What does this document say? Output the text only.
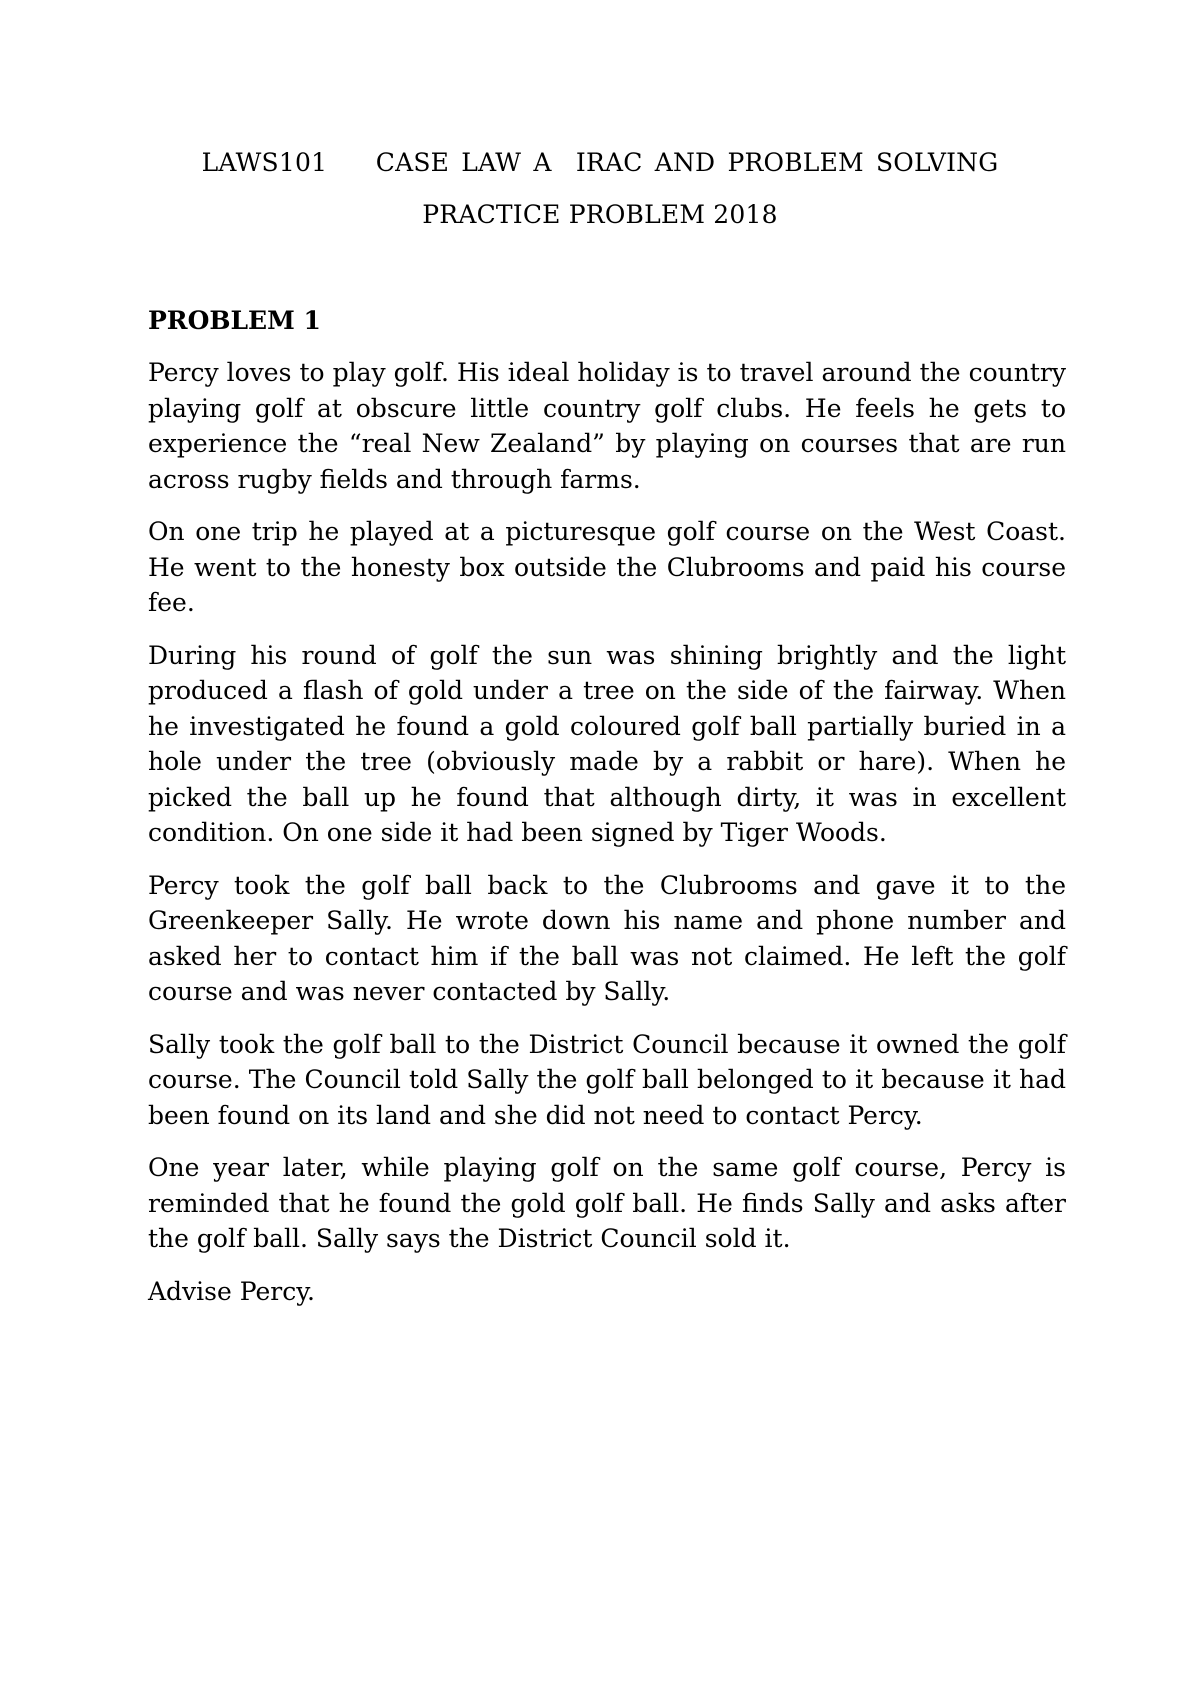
LAWS101    CASE LAW A  IRAC AND PROBLEM SOLVING
PRACTICE PROBLEM 2018
PROBLEM 1

Percy loves to play golf. His ideal holiday is to travel around the country playing golf at obscure little country golf clubs. He feels he gets to experience the “real New Zealand” by playing on courses that are run across rugby fields and through farms.

On one trip he played at a picturesque golf course on the West Coast. He went to the honesty box outside the Clubrooms and paid his course fee.

During his round of golf the sun was shining brightly and the light produced a flash of gold under a tree on the side of the fairway. When he investigated he found a gold coloured golf ball partially buried in a hole under the tree (obviously made by a rabbit or hare). When he picked the ball up he found that although dirty, it was in excellent condition. On one side it had been signed by Tiger Woods.

Percy took the golf ball back to the Clubrooms and gave it to the Greenkeeper Sally. He wrote down his name and phone number and asked her to contact him if the ball was not claimed. He left the golf course and was never contacted by Sally.

Sally took the golf ball to the District Council because it owned the golf course. The Council told Sally the golf ball belonged to it because it had been found on its land and she did not need to contact Percy.

One year later, while playing golf on the same golf course, Percy is reminded that he found the gold golf ball. He finds Sally and asks after the golf ball. Sally says the District Council sold it.

Advise Percy.
